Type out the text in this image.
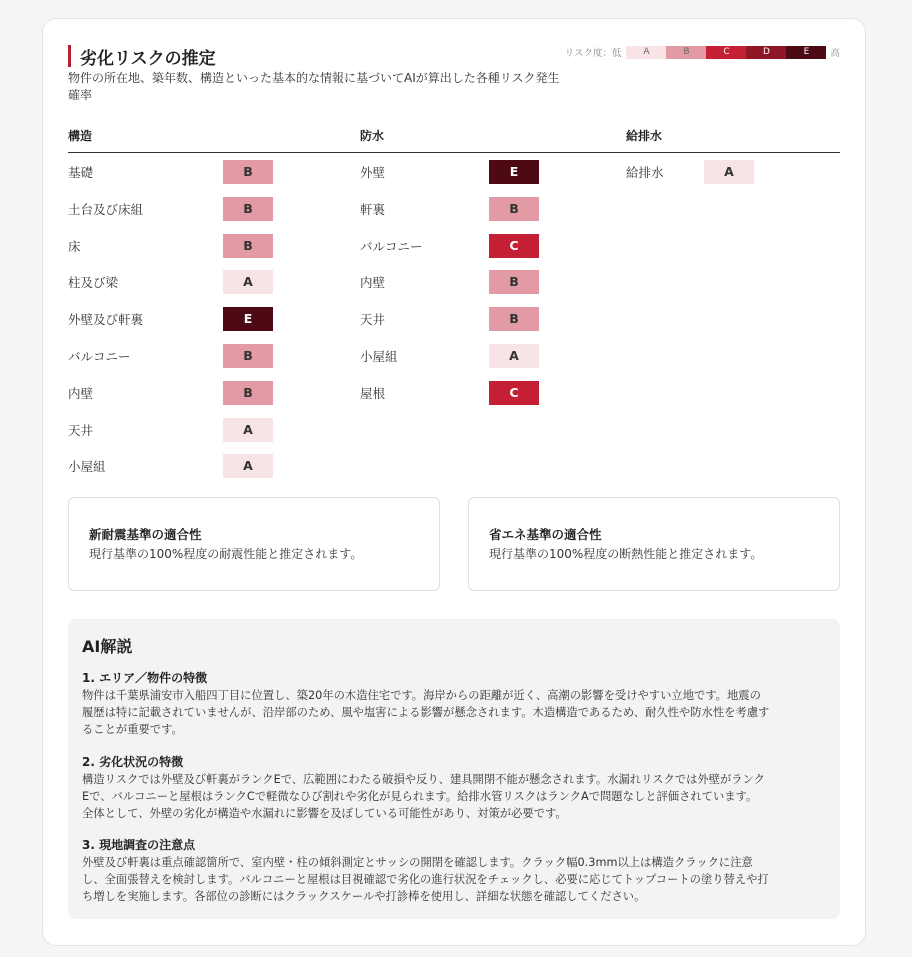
劣化リスクの推定
物件の所在地、築年数、構造といった基本的な情報に基づいてAIが算出した各種リスク発生確率
リスク度：低	A	B	C	D	E	高
構造	防水	給排水
基礎	B
土台及び床組	B
床	B
柱及び梁	A
外壁及び軒裏	E
バルコニー	B
内壁	B
天井	A
小屋組	A
外壁	E
軒裏	B
バルコニー	C
内壁	B
天井	B
小屋組	A
屋根	C
給排水	A
新耐震基準の適合性
現行基準の100%程度の耐震性能と推定されます。
省エネ基準の適合性
現行基準の100%程度の断熱性能と推定されます。
AI解説
1. エリア／物件の特徴
物件は千葉県浦安市入船四丁目に位置し、築20年の木造住宅です。海岸からの距離が近く、高潮の影響を受けやすい立地です。地震の
履歴は特に記載されていませんが、沿岸部のため、風や塩害による影響が懸念されます。木造構造であるため、耐久性や防水性を考慮す
ることが重要です。
2. 劣化状況の特徴
構造リスクでは外壁及び軒裏がランクEで、広範囲にわたる破損や反り、建具開閉不能が懸念されます。水漏れリスクでは外壁がランク
Eで、バルコニーと屋根はランクCで軽微なひび割れや劣化が見られます。給排水管リスクはランクAで問題なしと評価されています。
全体として、外壁の劣化が構造や水漏れに影響を及ぼしている可能性があり、対策が必要です。
3. 現地調査の注意点
外壁及び軒裏は重点確認箇所で、室内壁・柱の傾斜測定とサッシの開閉を確認します。クラック幅0.3mm以上は構造クラックに注意
し、全面張替えを検討します。バルコニーと屋根は目視確認で劣化の進行状況をチェックし、必要に応じてトップコートの塗り替えや打
ち増しを実施します。各部位の診断にはクラックスケールや打診棒を使用し、詳細な状態を確認してください。
